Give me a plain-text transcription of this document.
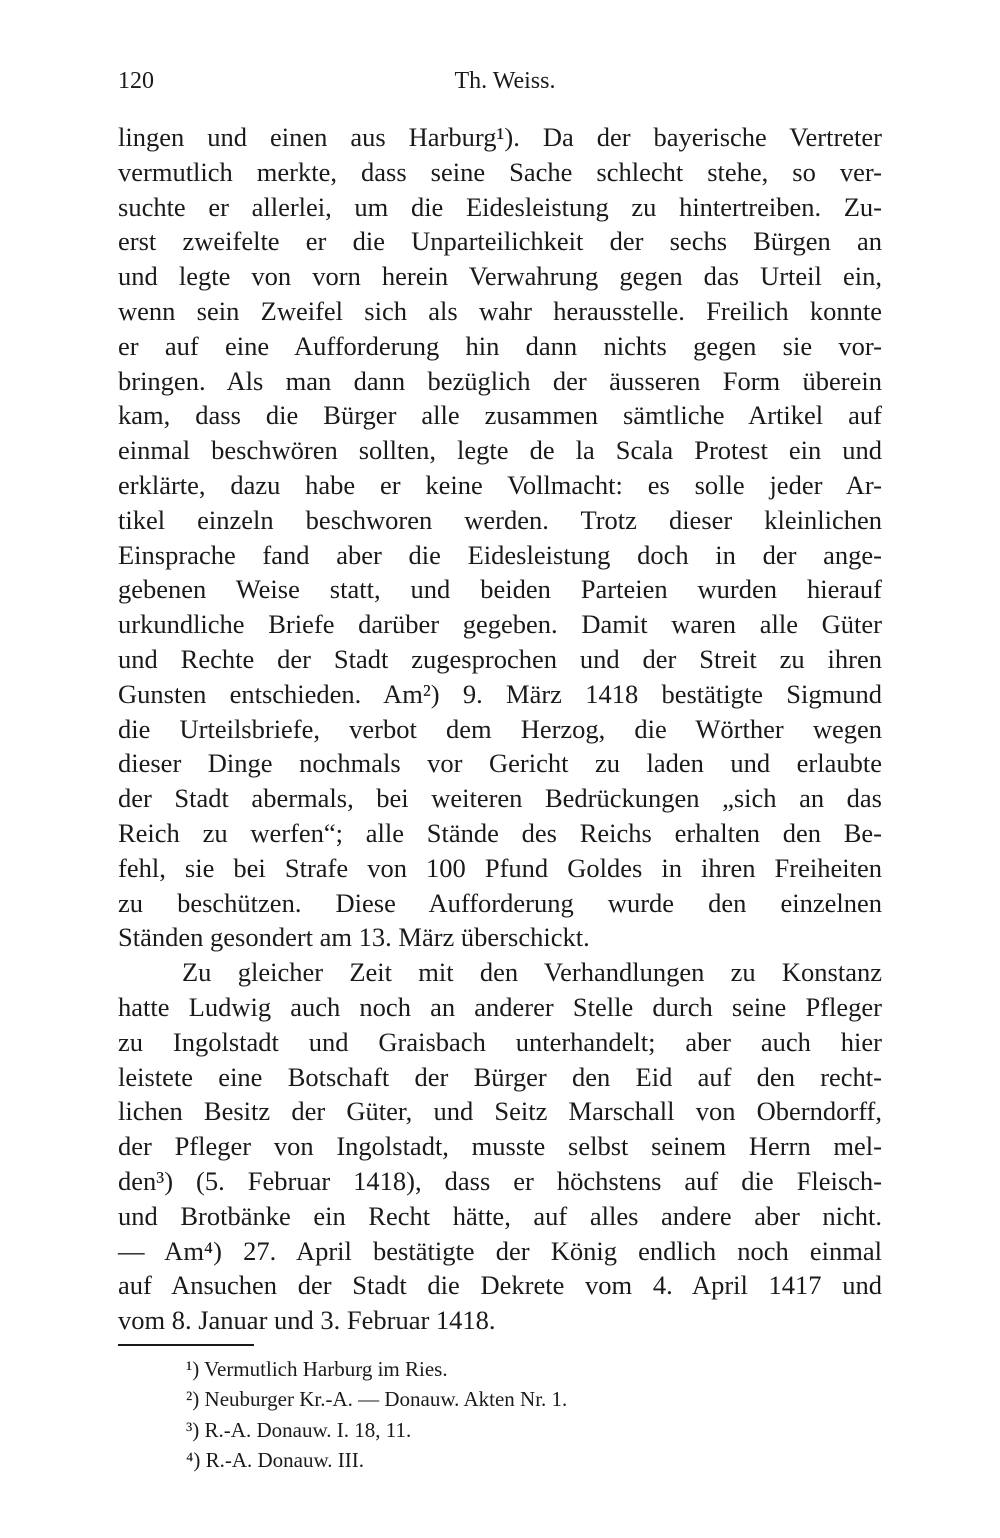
120	Th. Weiss.
lingen und einen aus Harburg¹). Da der bayerische Vertreter
vermutlich merkte, dass seine Sache schlecht stehe, so ver-
suchte er allerlei, um die Eidesleistung zu hintertreiben. Zu-
erst zweifelte er die Unparteilichkeit der sechs Bürgen an
und legte von vorn herein Verwahrung gegen das Urteil ein,
wenn sein Zweifel sich als wahr herausstelle. Freilich konnte
er auf eine Aufforderung hin dann nichts gegen sie vor-
bringen. Als man dann bezüglich der äusseren Form überein
kam, dass die Bürger alle zusammen sämtliche Artikel auf
einmal beschwören sollten, legte de la Scala Protest ein und
erklärte, dazu habe er keine Vollmacht: es solle jeder Ar-
tikel einzeln beschworen werden. Trotz dieser kleinlichen
Einsprache fand aber die Eidesleistung doch in der ange-
gebenen Weise statt, und beiden Parteien wurden hierauf
urkundliche Briefe darüber gegeben. Damit waren alle Güter
und Rechte der Stadt zugesprochen und der Streit zu ihren
Gunsten entschieden. Am²) 9. März 1418 bestätigte Sigmund
die Urteilsbriefe, verbot dem Herzog, die Wörther wegen
dieser Dinge nochmals vor Gericht zu laden und erlaubte
der Stadt abermals, bei weiteren Bedrückungen „sich an das
Reich zu werfen“; alle Stände des Reichs erhalten den Be-
fehl, sie bei Strafe von 100 Pfund Goldes in ihren Freiheiten
zu beschützen. Diese Aufforderung wurde den einzelnen
Ständen gesondert am 13. März überschickt.
Zu gleicher Zeit mit den Verhandlungen zu Konstanz
hatte Ludwig auch noch an anderer Stelle durch seine Pfleger
zu Ingolstadt und Graisbach unterhandelt; aber auch hier
leistete eine Botschaft der Bürger den Eid auf den recht-
lichen Besitz der Güter, und Seitz Marschall von Oberndorff,
der Pfleger von Ingolstadt, musste selbst seinem Herrn mel-
den³) (5. Februar 1418), dass er höchstens auf die Fleisch-
und Brotbänke ein Recht hätte, auf alles andere aber nicht.
— Am⁴) 27. April bestätigte der König endlich noch einmal
auf Ansuchen der Stadt die Dekrete vom 4. April 1417 und
vom 8. Januar und 3. Februar 1418.
¹) Vermutlich Harburg im Ries.
²) Neuburger Kr.-A. — Donauw. Akten Nr. 1.
³) R.-A. Donauw. I. 18, 11.
⁴) R.-A. Donauw. III.
